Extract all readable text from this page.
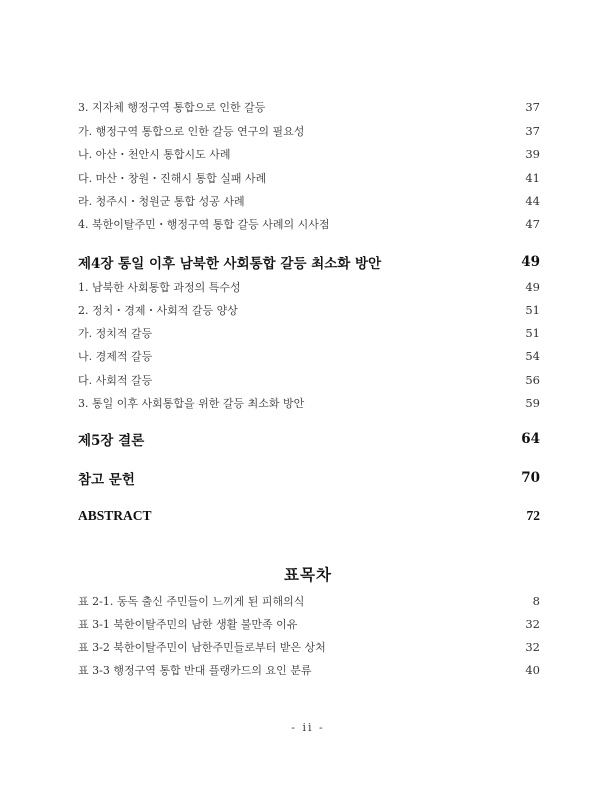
3. 지자체 행정구역 통합으로 인한 갈등	37
가. 행정구역 통합으로 인한 갈등 연구의 필요성	37
나. 아산・천안시 통합시도 사례	39
다. 마산・창원・진해시 통합 실패 사례	41
라. 청주시・청원군 통합 성공 사례	44
4. 북한이탈주민・행정구역 통합 갈등 사례의 시사점	47
제4장 통일 이후 남북한 사회통합 갈등 최소화 방안	49
1. 남북한 사회통합 과정의 특수성	49
2. 정치・경제・사회적 갈등 양상	51
가. 정치적 갈등	51
나. 경제적 갈등	54
다. 사회적 갈등	56
3. 통일 이후 사회통합을 위한 갈등 최소화 방안	59
제5장 결론	64
참고 문헌	70
ABSTRACT	72
표목차
표 2-1. 동독 출신 주민들이 느끼게 된 피해의식	8
표 3-1 북한이탈주민의 남한 생활 불만족 이유	32
표 3-2 북한이탈주민이 남한주민들로부터 받은 상처	32
표 3-3 행정구역 통합 반대 플랭카드의 요인 분류	40
- ii -
